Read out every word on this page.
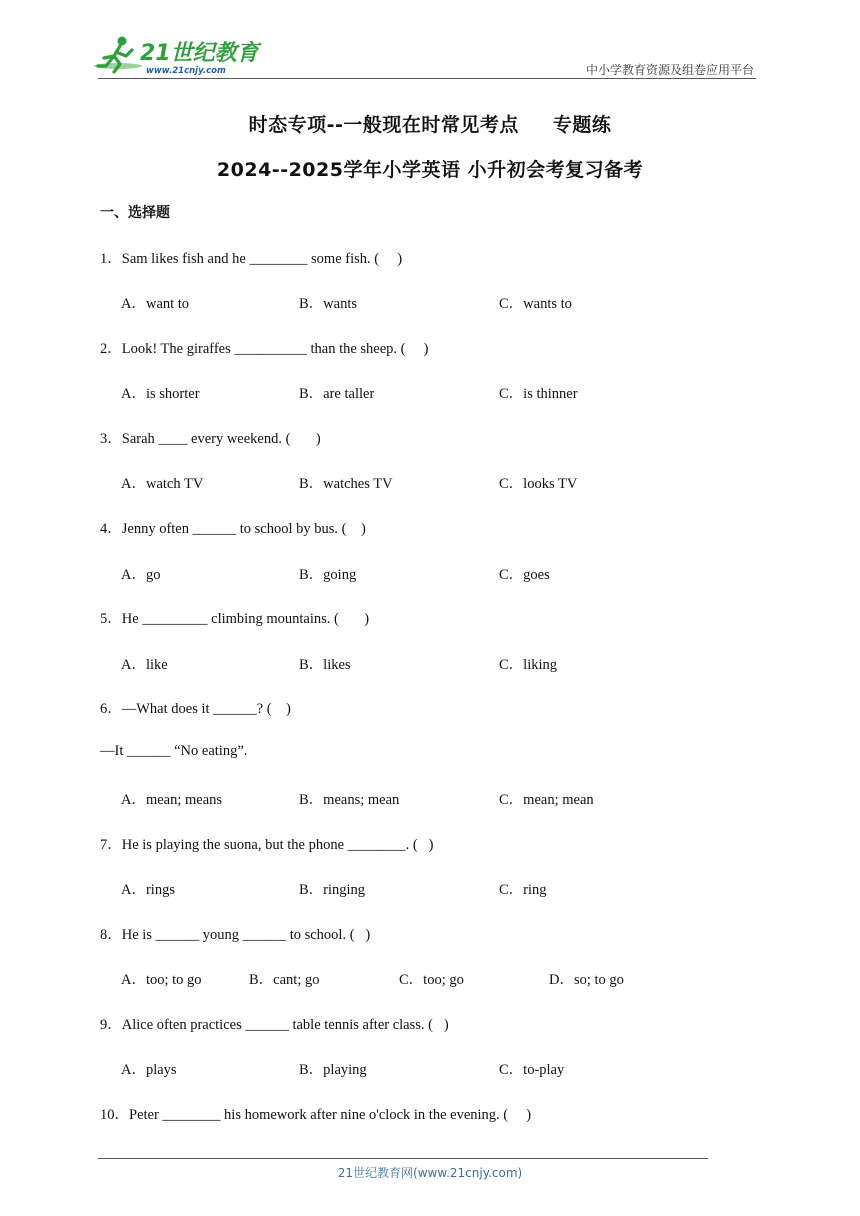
21世纪教育
www.21cnjy.com	中小学教育资源及组卷应用平台
时态专项--一般现在时常见考点 专题练
2024--2025学年小学英语 小升初会考复习备考
一、选择题
1．Sam likes fish and he ________ some fish. (     )
A．want to	B．wants	C．wants to
2．Look! The giraffes __________ than the sheep. (     )
A．is shorter	B．are taller	C．is thinner
3．Sarah ____ every weekend. (       )
A．watch TV	B．watches TV	C．looks TV
4．Jenny often ______ to school by bus. (    )
A．go	B．going	C．goes
5．He _________ climbing mountains. (       )
A．like	B．likes	C．liking
6．—What does it ______? (    )
—It ______ “No eating”.
A．mean; means	B．means; mean	C．mean; mean
7．He is playing the suona, but the phone ________. (   )
A．rings	B．ringing	C．ring
8．He is ______ young ______ to school. (   )
A．too; to go	B．cant; go	C．too; go	D．so; to go
9．Alice often practices ______ table tennis after class. (   )
A．plays	B．playing	C．to-play
10．Peter ________ his homework after nine o'clock in the evening. (     )
21世纪教育网(www.21cnjy.com)
